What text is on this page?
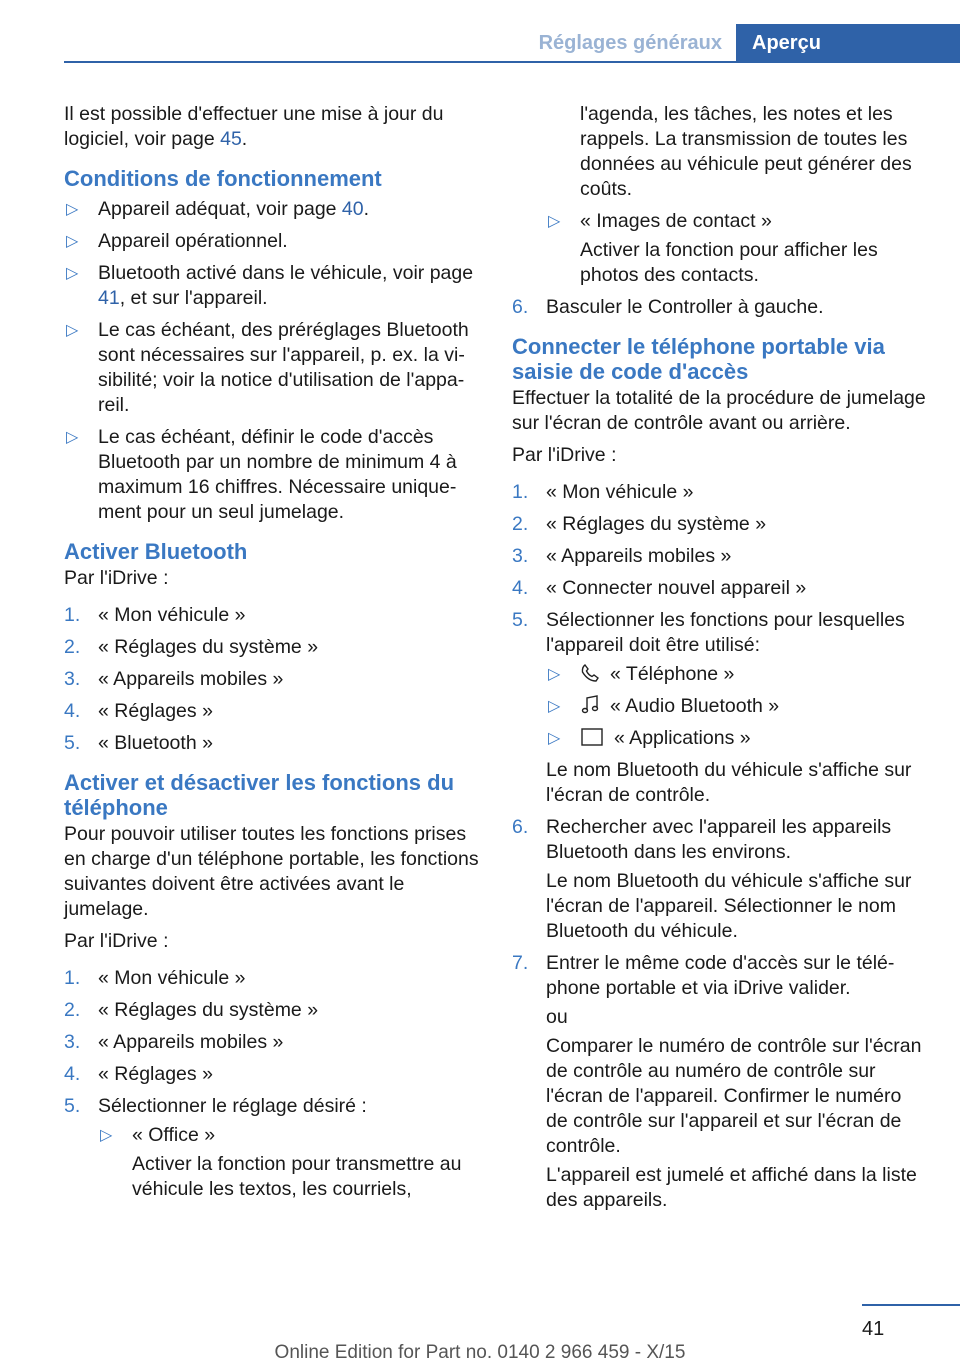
Réglages généraux	Aperçu

Il est possible d'effectuer une mise à jour du logiciel, voir page 45.

Conditions de fonctionnement
▷ Appareil adéquat, voir page 40.
▷ Appareil opérationnel.
▷ Bluetooth activé dans le véhicule, voir page 41, et sur l'appareil.
▷ Le cas échéant, des préréglages Bluetooth sont nécessaires sur l'appareil, p. ex. la visibilité; voir la notice d'utilisation de l'appareil.
▷ Le cas échéant, définir le code d'accès Bluetooth par un nombre de minimum 4 à maximum 16 chiffres. Nécessaire uniquement pour un seul jumelage.
Activer Bluetooth

Par l'iDrive :

1. « Mon véhicule »
2. « Réglages du système »
3. « Appareils mobiles »
4. « Réglages »
5. « Bluetooth »
Activer et désactiver les fonctions du téléphone

Pour pouvoir utiliser toutes les fonctions prises en charge d'un téléphone portable, les fonctions suivantes doivent être activées avant le jumelage.

Par l'iDrive :

1. « Mon véhicule »
2. « Réglages du système »
3. « Appareils mobiles »
4. « Réglages »
5. Sélectionner le réglage désiré :
▷ « Office »

Activer la fonction pour transmettre au véhicule les textos, les courriels,

l'agenda, les tâches, les notes et les rappels. La transmission de toutes les données au véhicule peut générer des coûts.

▷ « Images de contact »

Activer la fonction pour afficher les photos des contacts.

6. Basculer le Controller à gauche.
Connecter le téléphone portable via saisie de code d'accès

Effectuer la totalité de la procédure de jumelage sur l'écran de contrôle avant ou arrière.

Par l'iDrive :

1. « Mon véhicule »
2. « Réglages du système »
3. « Appareils mobiles »
4. « Connecter nouvel appareil »
5. Sélectionner les fonctions pour lesquelles l'appareil doit être utilisé:
▷ « Téléphone »
▷ « Audio Bluetooth »
▷ « Applications »

Le nom Bluetooth du véhicule s'affiche sur l'écran de contrôle.

6. Rechercher avec l'appareil les appareils Bluetooth dans les environs.

Le nom Bluetooth du véhicule s'affiche sur l'écran de l'appareil. Sélectionner le nom Bluetooth du véhicule.

7. Entrer le même code d'accès sur le téléphone portable et via iDrive valider.

ou

Comparer le numéro de contrôle sur l'écran de contrôle au numéro de contrôle sur l'écran de l'appareil. Confirmer le numéro de contrôle sur l'appareil et sur l'écran de contrôle.

L'appareil est jumelé et affiché dans la liste des appareils.

41
Online Edition for Part no. 0140 2 966 459 - X/15
